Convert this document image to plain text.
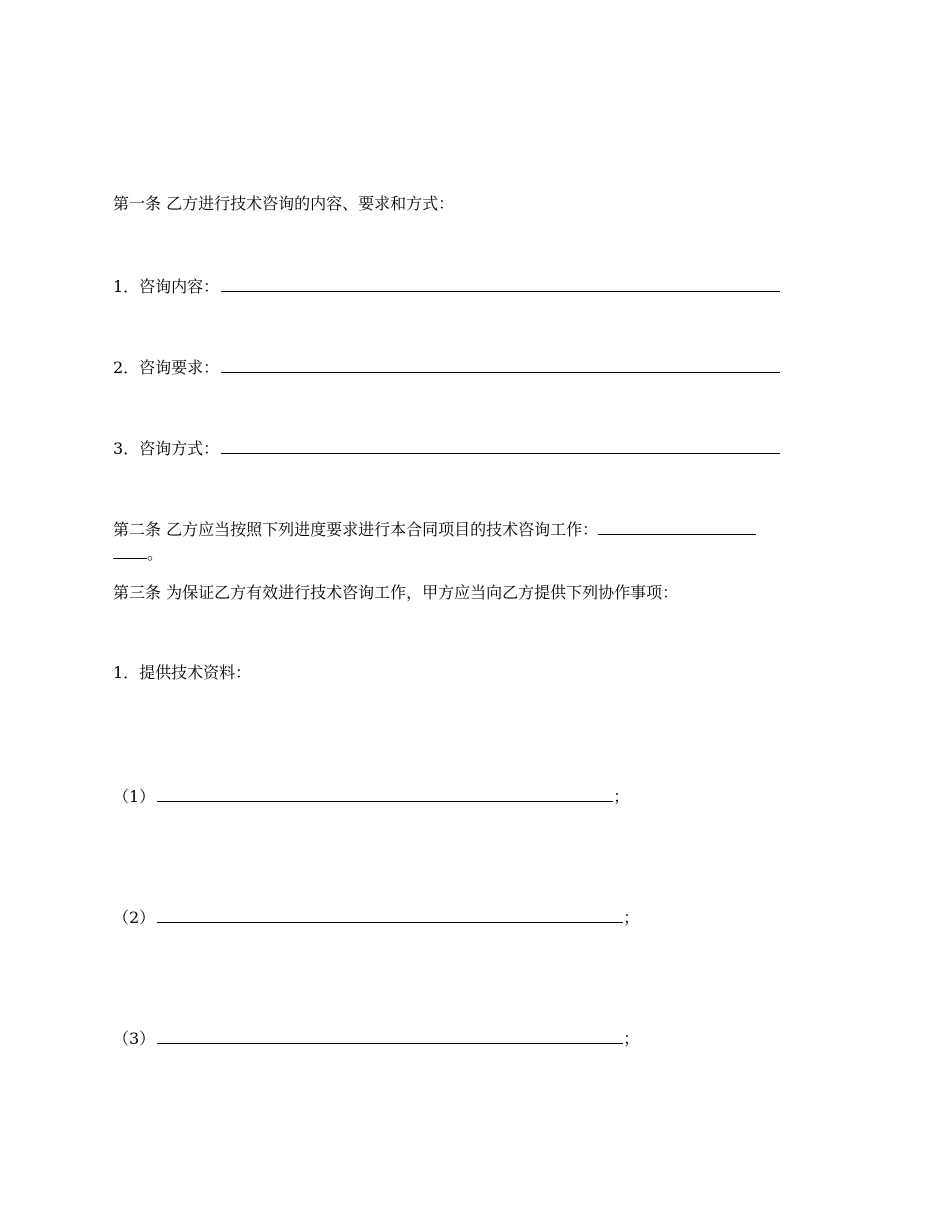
第一条 乙方进行技术咨询的内容、要求和方式：
1．咨询内容：
2．咨询要求：
3．咨询方式：
第二条 乙方应当按照下列进度要求进行本合同项目的技术咨询工作：
。
第三条 为保证乙方有效进行技术咨询工作，甲方应当向乙方提供下列协作事项：
1．提供技术资料：
（1）	；
（2）	；
（3）	；
